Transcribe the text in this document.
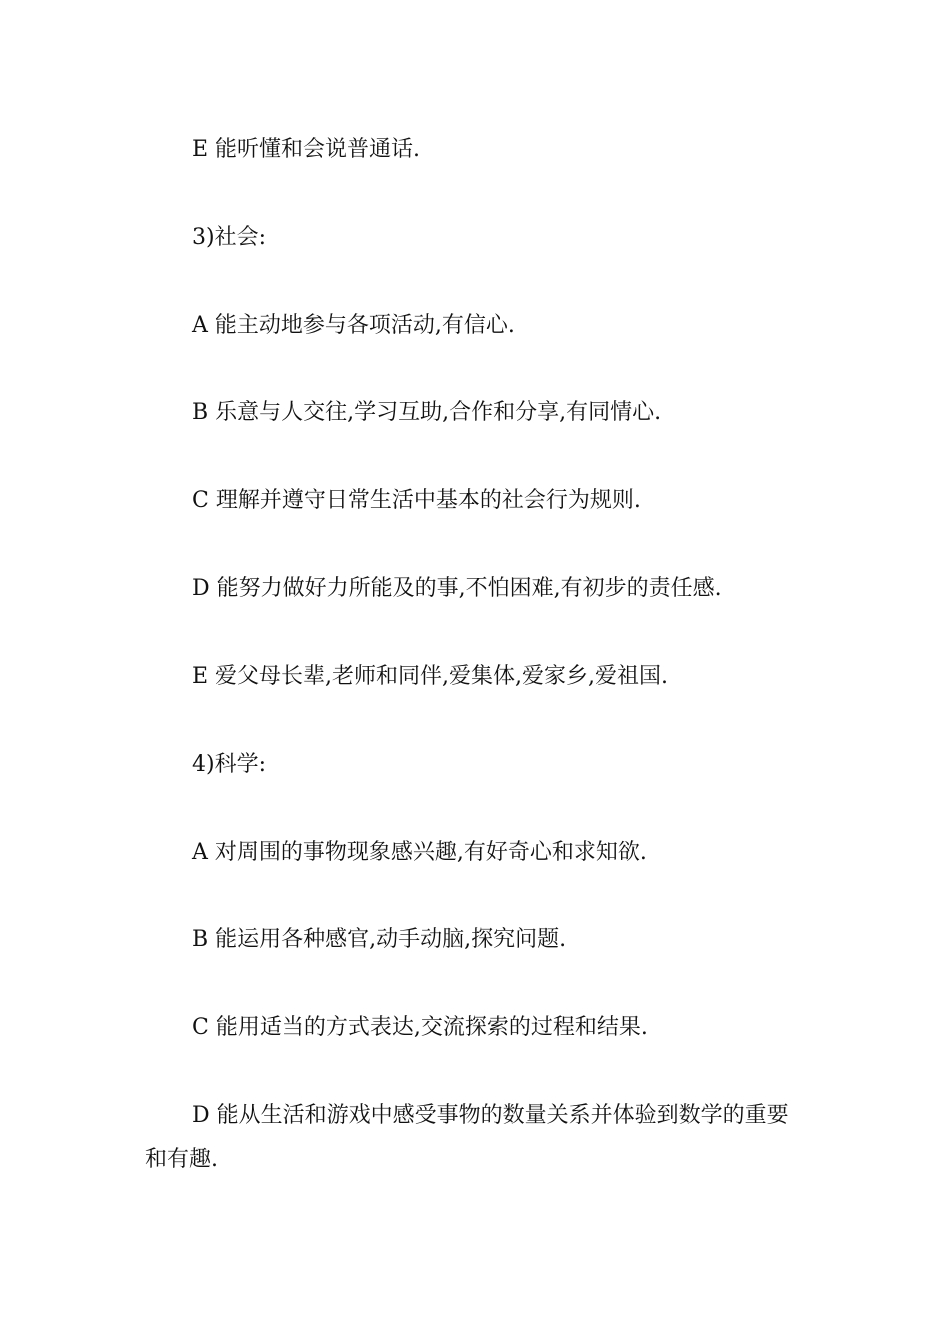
E 能听懂和会说普通话.

3)社会:

A 能主动地参与各项活动,有信心.

B 乐意与人交往,学习互助,合作和分享,有同情心.

C 理解并遵守日常生活中基本的社会行为规则.

D 能努力做好力所能及的事,不怕困难,有初步的责任感.

E 爱父母长辈,老师和同伴,爱集体,爱家乡,爱祖国.

4)科学:

A 对周围的事物现象感兴趣,有好奇心和求知欲.

B 能运用各种感官,动手动脑,探究问题.

C 能用适当的方式表达,交流探索的过程和结果.

D 能从生活和游戏中感受事物的数量关系并体验到数学的重要和有趣.
